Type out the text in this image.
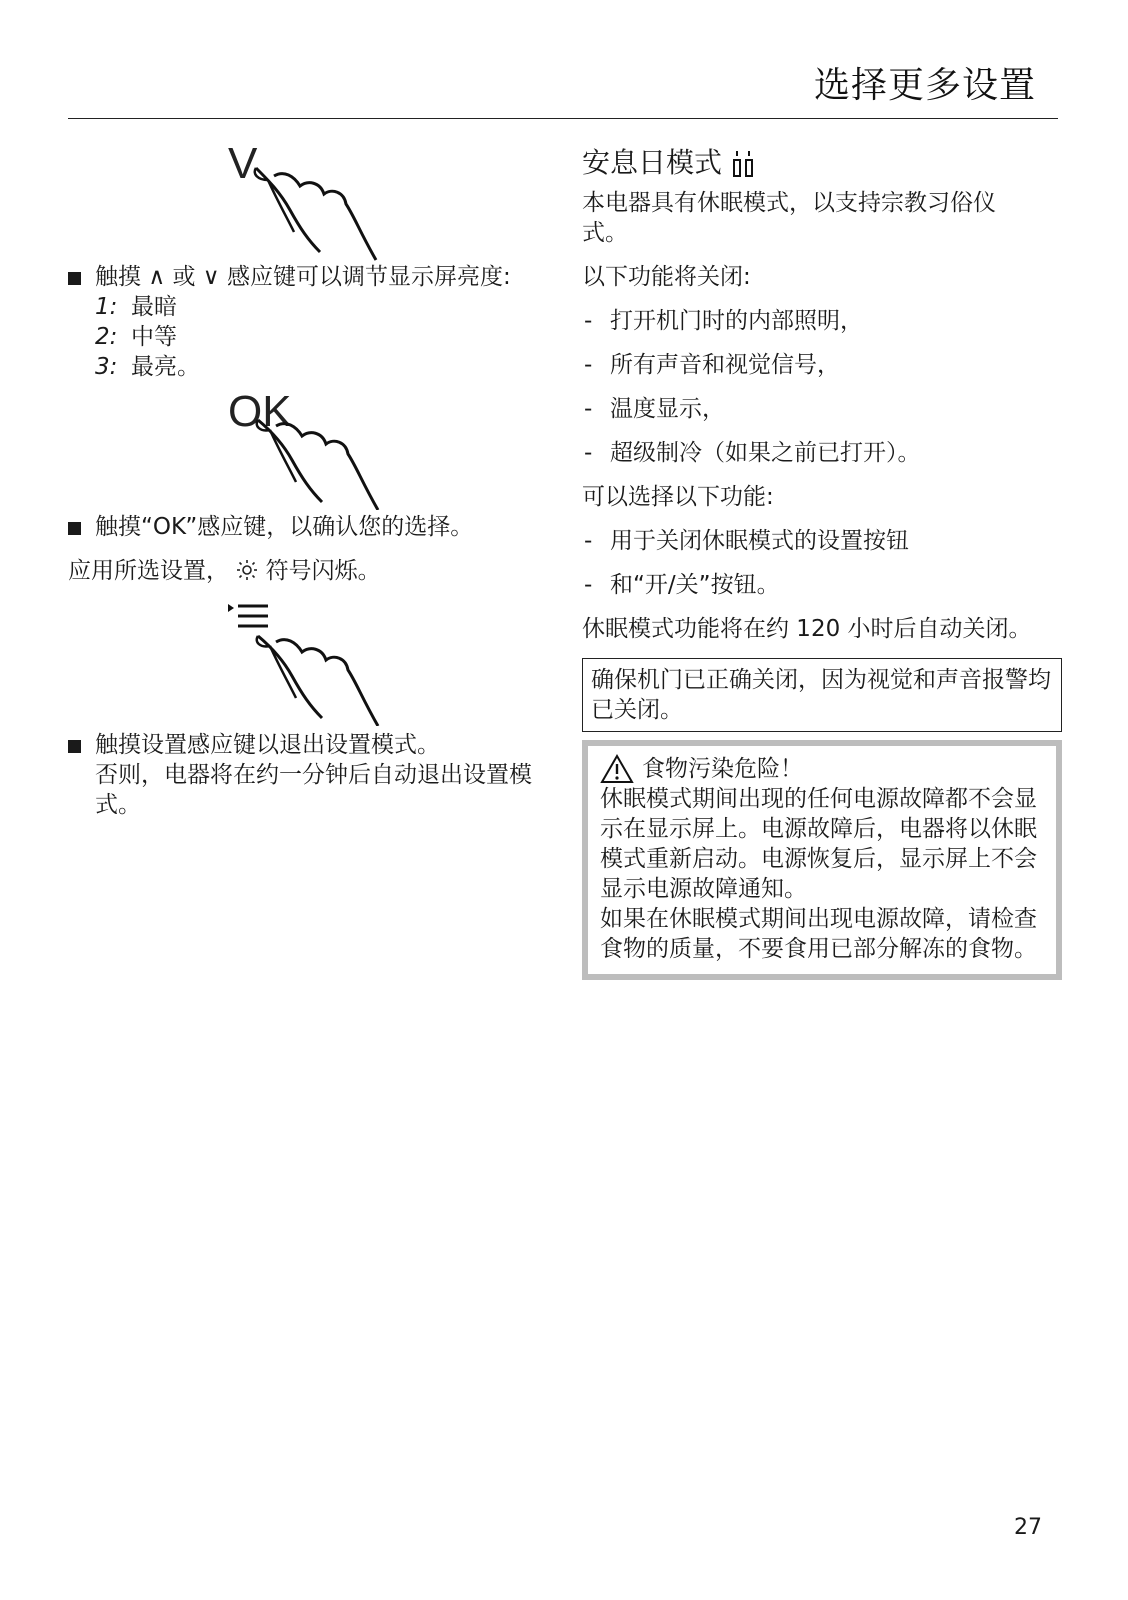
选择更多设置
V
触摸 ∧ 或 ∨ 感应键可以调节显示屏亮度:
1: 最暗
2: 中等
3: 最亮。
OK
触摸“OK”感应键，以确认您的选择。

应用所选设置， 符号闪烁。

触摸设置感应键以退出设置模式。
否则，电器将在约一分钟后自动退出设置模式。
安息日模式

本电器具有休眠模式，以支持宗教习俗仪式。

以下功能将关闭:

- 打开机门时的内部照明，
- 所有声音和视觉信号，
- 温度显示，
- 超级制冷（如果之前已打开）。

可以选择以下功能:

- 用于关闭休眠模式的设置按钮
- 和“开/关”按钮。

休眠模式功能将在约 120 小时后自动关闭。

确保机门已正确关闭，因为视觉和声音报警均已关闭。
食物污染危险！
休眠模式期间出现的任何电源故障都不会显示在显示屏上。电源故障后，电器将以休眠模式重新启动。电源恢复后，显示屏上不会显示电源故障通知。
如果在休眠模式期间出现电源故障，请检查食物的质量，不要食用已部分解冻的食物。
27
